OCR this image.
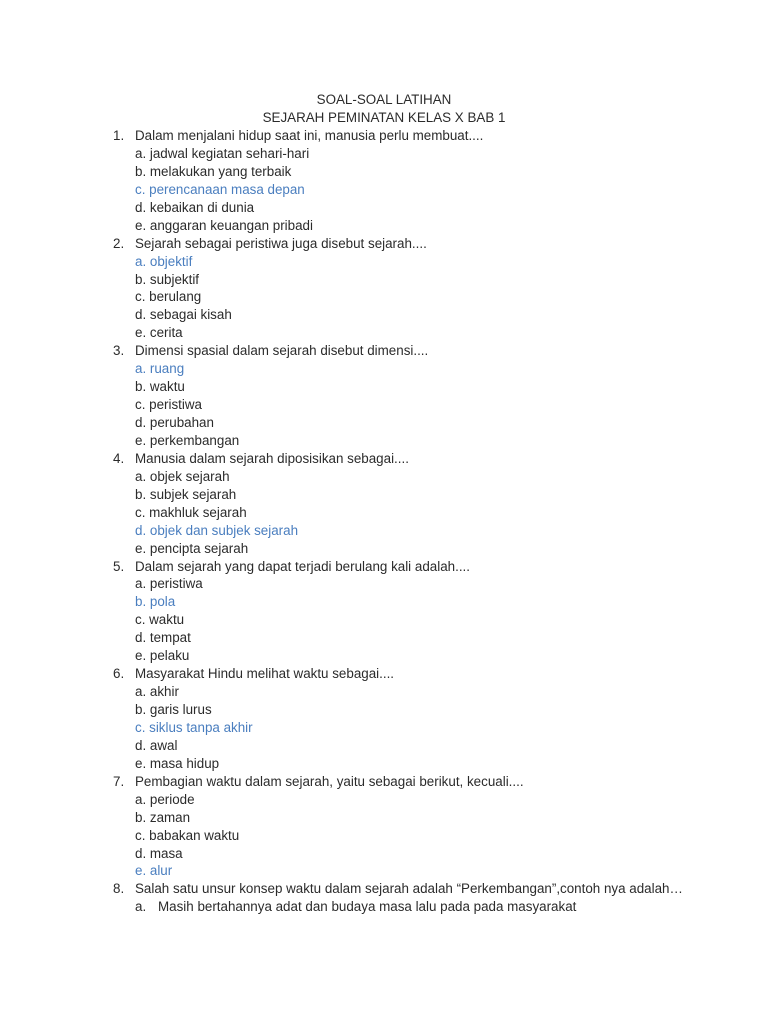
SOAL-SOAL LATIHAN
SEJARAH PEMINATAN KELAS X BAB 1
1. Dalam menjalani hidup saat ini, manusia perlu membuat....
a. jadwal kegiatan sehari-hari
b. melakukan yang terbaik
c. perencanaan masa depan
d. kebaikan di dunia
e. anggaran keuangan pribadi
2. Sejarah sebagai peristiwa juga disebut sejarah....
a. objektif
b. subjektif
c. berulang
d. sebagai kisah
e. cerita
3. Dimensi spasial dalam sejarah disebut dimensi....
a. ruang
b. waktu
c. peristiwa
d. perubahan
e. perkembangan
4. Manusia dalam sejarah diposisikan sebagai....
a. objek sejarah
b. subjek sejarah
c. makhluk sejarah
d. objek dan subjek sejarah
e. pencipta sejarah
5. Dalam sejarah yang dapat terjadi berulang kali adalah....
a. peristiwa
b. pola
c. waktu
d. tempat
e. pelaku
6. Masyarakat Hindu melihat waktu sebagai....
a. akhir
b. garis lurus
c. siklus tanpa akhir
d. awal
e. masa hidup
7. Pembagian waktu dalam sejarah, yaitu sebagai berikut, kecuali....
a. periode
b. zaman
c. babakan waktu
d. masa
e. alur
8. Salah satu unsur konsep waktu dalam sejarah adalah “Perkembangan”,contoh nya adalah…
a. Masih bertahannya adat dan budaya masa lalu pada pada masyarakat
